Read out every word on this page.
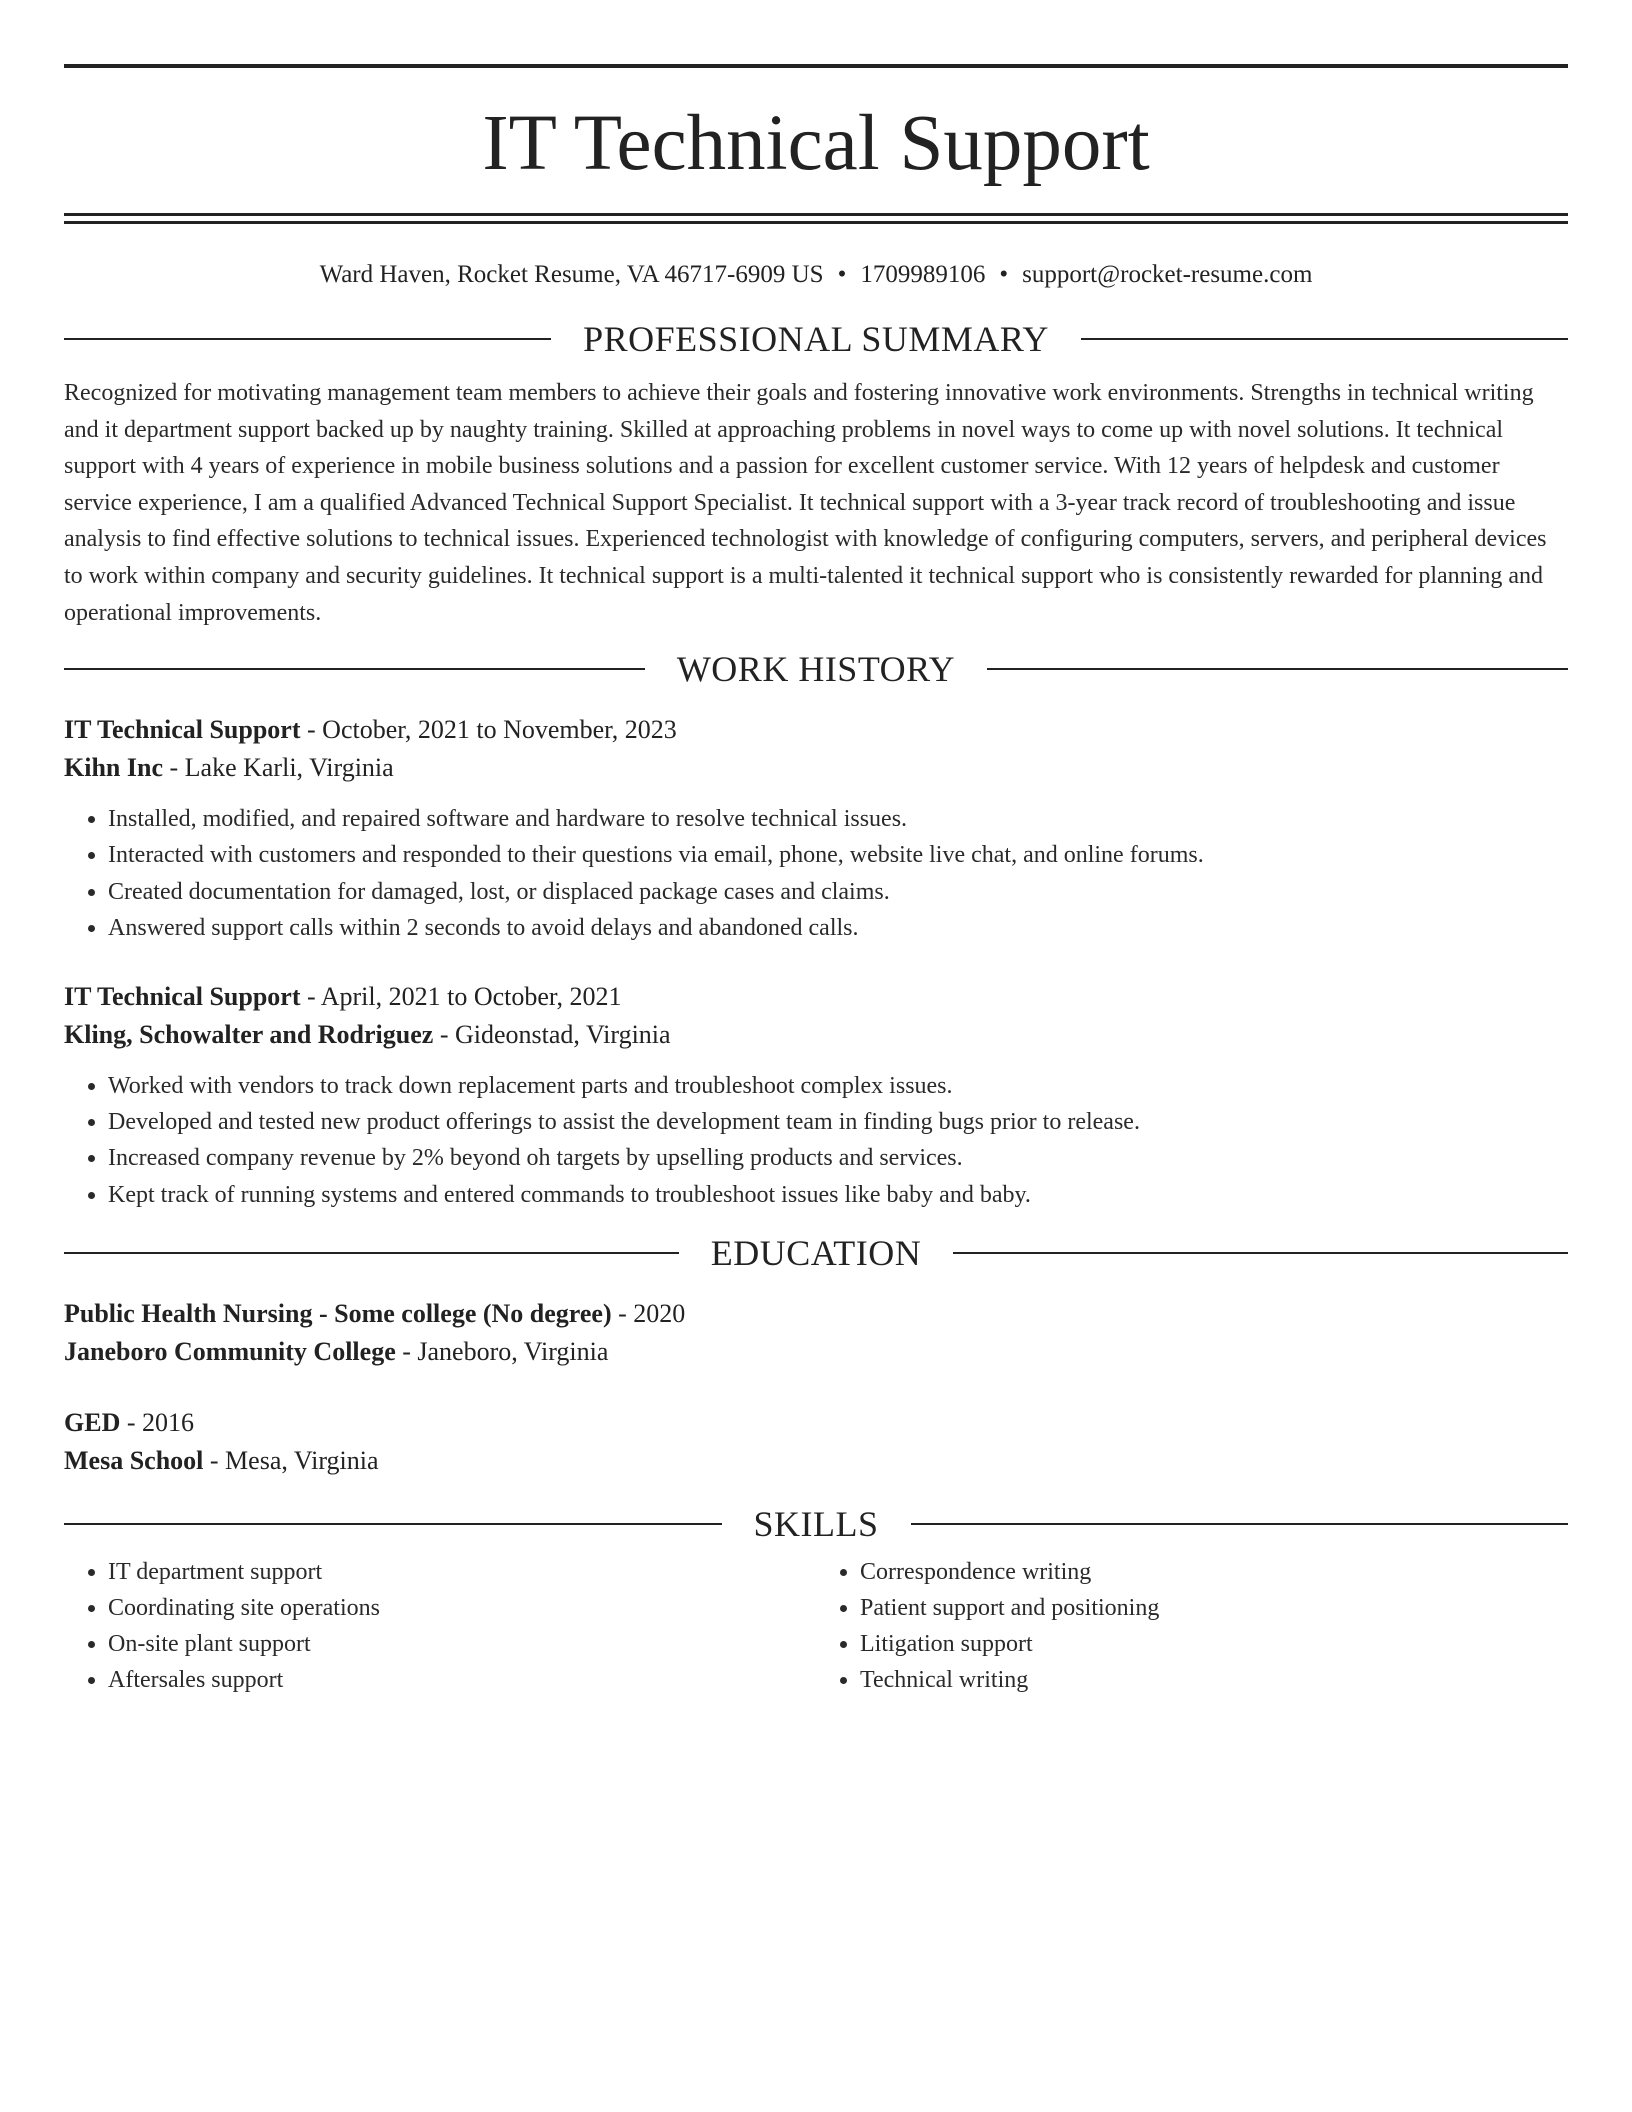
IT Technical Support
Ward Haven, Rocket Resume, VA 46717-6909 US • 1709989106 • support@rocket-resume.com
PROFESSIONAL SUMMARY

Recognized for motivating management team members to achieve their goals and fostering innovative work environments. Strengths in technical writing and it department support backed up by naughty training. Skilled at approaching problems in novel ways to come up with novel solutions. It technical support with 4 years of experience in mobile business solutions and a passion for excellent customer service. With 12 years of helpdesk and customer service experience, I am a qualified Advanced Technical Support Specialist. It technical support with a 3-year track record of troubleshooting and issue analysis to find effective solutions to technical issues. Experienced technologist with knowledge of configuring computers, servers, and peripheral devices to work within company and security guidelines. It technical support is a multi-talented it technical support who is consistently rewarded for planning and operational improvements.

WORK HISTORY
IT Technical Support - October, 2021 to November, 2023
Kihn Inc - Lake Karli, Virginia
• Installed, modified, and repaired software and hardware to resolve technical issues.
• Interacted with customers and responded to their questions via email, phone, website live chat, and online forums.
• Created documentation for damaged, lost, or displaced package cases and claims.
• Answered support calls within 2 seconds to avoid delays and abandoned calls.
IT Technical Support - April, 2021 to October, 2021
Kling, Schowalter and Rodriguez - Gideonstad, Virginia
• Worked with vendors to track down replacement parts and troubleshoot complex issues.
• Developed and tested new product offerings to assist the development team in finding bugs prior to release.
• Increased company revenue by 2% beyond oh targets by upselling products and services.
• Kept track of running systems and entered commands to troubleshoot issues like baby and baby.
EDUCATION
Public Health Nursing - Some college (No degree) - 2020
Janeboro Community College - Janeboro, Virginia
GED - 2016
Mesa School - Mesa, Virginia
SKILLS
• IT department support
• Coordinating site operations
• On-site plant support
• Aftersales support
• Correspondence writing
• Patient support and positioning
• Litigation support
• Technical writing
